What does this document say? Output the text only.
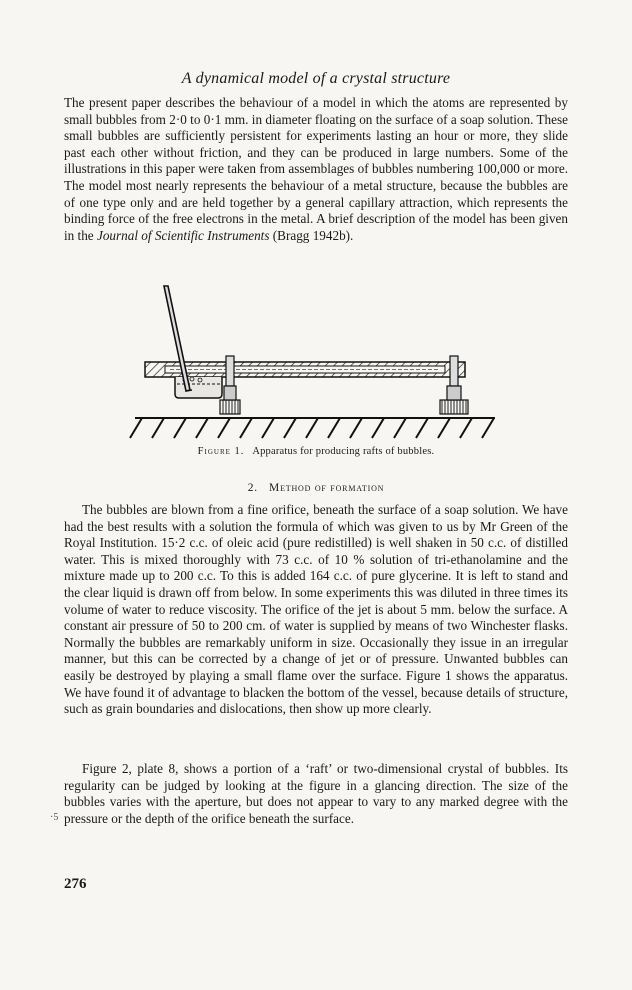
A dynamical model of a crystal structure

The present paper describes the behaviour of a model in which the atoms are represented by small bubbles from 2·0 to 0·1 mm. in diameter floating on the surface of a soap solution. These small bubbles are sufficiently persistent for experiments lasting an hour or more, they slide past each other without friction, and they can be produced in large numbers. Some of the illustrations in this paper were taken from assemblages of bubbles numbering 100,000 or more. The model most nearly represents the behaviour of a metal structure, because the bubbles are of one type only and are held together by a general capillary attraction, which represents the binding force of the free electrons in the metal. A brief description of the model has been given in the Journal of Scientific Instruments (Bragg 1942b).

Figure 1. Apparatus for producing rafts of bubbles.
2. Method of formation

The bubbles are blown from a fine orifice, beneath the surface of a soap solution. We have had the best results with a solution the formula of which was given to us by Mr Green of the Royal Institution. 15·2 c.c. of oleic acid (pure redistilled) is well shaken in 50 c.c. of distilled water. This is mixed thoroughly with 73 c.c. of 10 % solution of tri-ethanolamine and the mixture made up to 200 c.c. To this is added 164 c.c. of pure glycerine. It is left to stand and the clear liquid is drawn off from below. In some experiments this was diluted in three times its volume of water to reduce viscosity. The orifice of the jet is about 5 mm. below the surface. A constant air pressure of 50 to 200 cm. of water is supplied by means of two Winchester flasks. Normally the bubbles are remarkably uniform in size. Occasionally they issue in an irregular manner, but this can be corrected by a change of jet or of pressure. Unwanted bubbles can easily be destroyed by playing a small flame over the surface. Figure 1 shows the apparatus. We have found it of advantage to blacken the bottom of the vessel, because details of structure, such as grain boundaries and dislocations, then show up more clearly.

Figure 2, plate 8, shows a portion of a ‘raft’ or two-dimensional crystal of bubbles. Its regularity can be judged by looking at the figure in a glancing direction. The size of the bubbles varies with the aperture, but does not appear to vary to any marked degree with the pressure or the depth of the orifice beneath the surface.

·5
276
